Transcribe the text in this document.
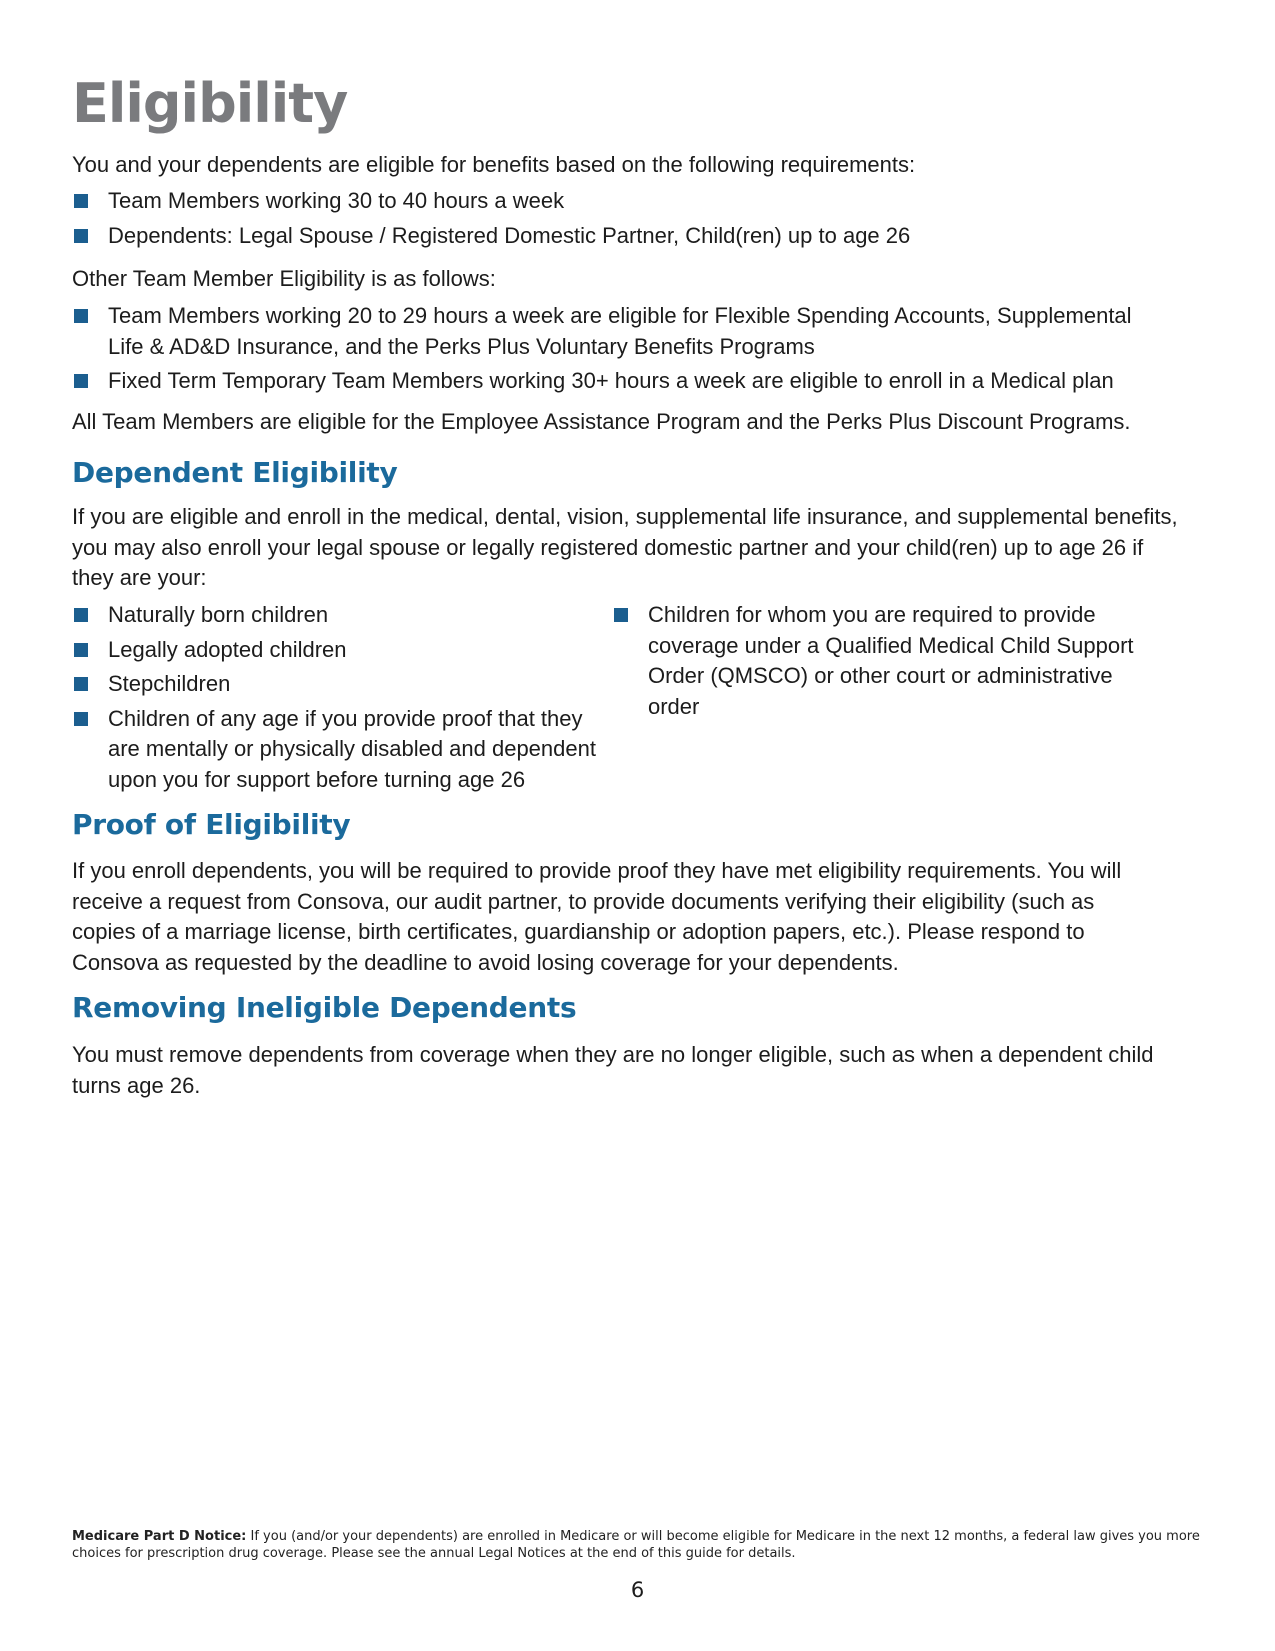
Eligibility

You and your dependents are eligible for benefits based on the following requirements:

Team Members working 30 to 40 hours a week
Dependents: Legal Spouse / Registered Domestic Partner, Child(ren) up to age 26

Other Team Member Eligibility is as follows:

Team Members working 20 to 29 hours a week are eligible for Flexible Spending Accounts, Supplemental Life & AD&D Insurance, and the Perks Plus Voluntary Benefits Programs
Fixed Term Temporary Team Members working 30+ hours a week are eligible to enroll in a Medical plan

All Team Members are eligible for the Employee Assistance Program and the Perks Plus Discount Programs.

Dependent Eligibility

If you are eligible and enroll in the medical, dental, vision, supplemental life insurance, and supplemental benefits, you may also enroll your legal spouse or legally registered domestic partner and your child(ren) up to age 26 if they are your:

Naturally born children
Legally adopted children
Stepchildren
Children of any age if you provide proof that they are mentally or physically disabled and dependent upon you for support before turning age 26
Children for whom you are required to provide coverage under a Qualified Medical Child Support Order (QMSCO) or other court or administrative order
Proof of Eligibility

If you enroll dependents, you will be required to provide proof they have met eligibility requirements. You will receive a request from Consova, our audit partner, to provide documents verifying their eligibility (such as copies of a marriage license, birth certificates, guardianship or adoption papers, etc.). Please respond to Consova as requested by the deadline to avoid losing coverage for your dependents.

Removing Ineligible Dependents

You must remove dependents from coverage when they are no longer eligible, such as when a dependent child turns age 26.

Medicare Part D Notice: If you (and/or your dependents) are enrolled in Medicare or will become eligible for Medicare in the next 12 months, a federal law gives you more choices for prescription drug coverage. Please see the annual Legal Notices at the end of this guide for details.

6
